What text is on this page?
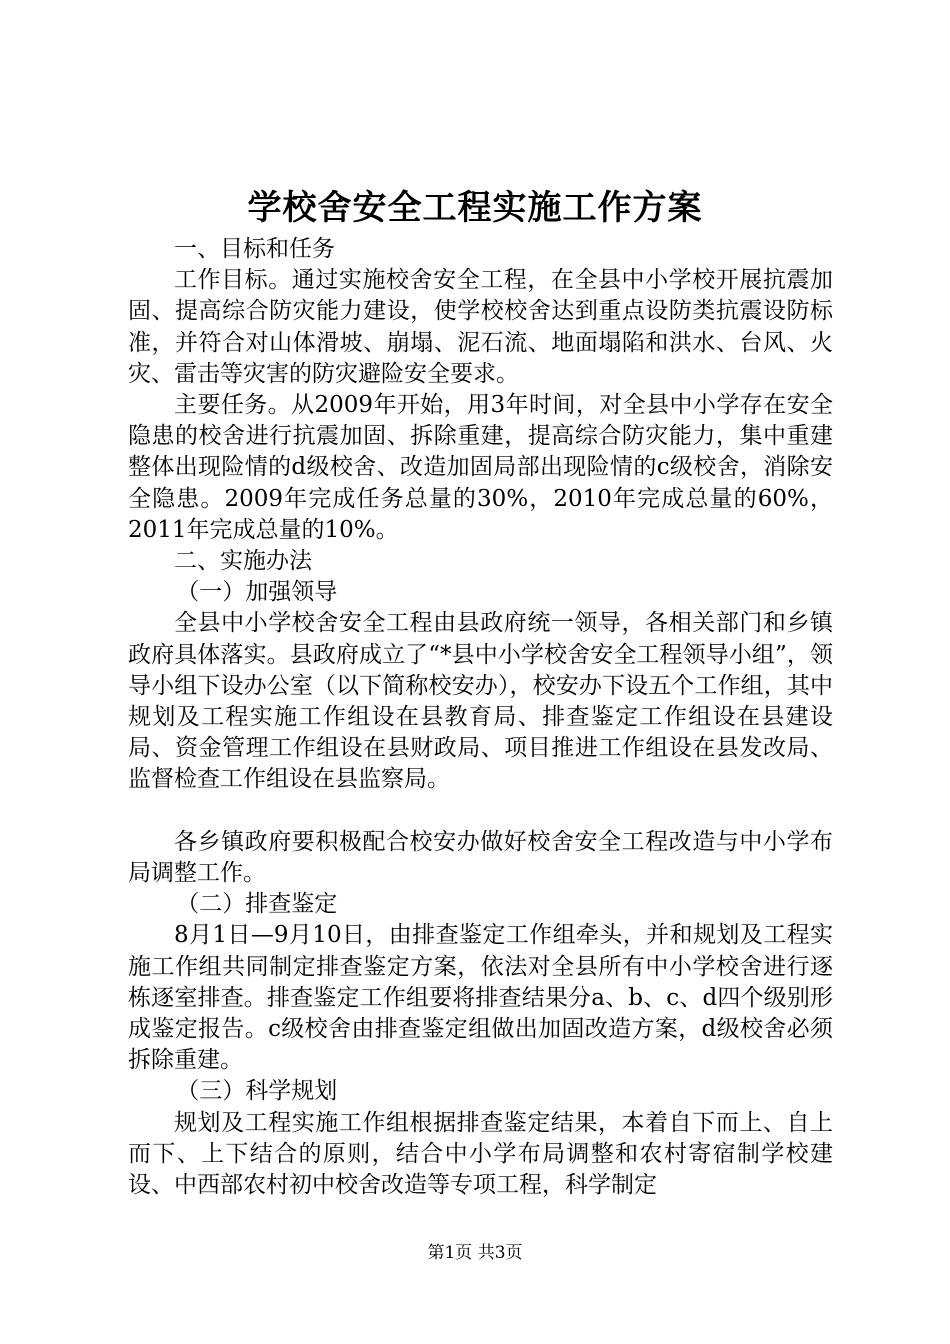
学校舍安全工程实施工作方案

一、目标和任务

工作目标。通过实施校舍安全工程，在全县中小学校开展抗震加固、提高综合防灾能力建设，使学校校舍达到重点设防类抗震设防标准，并符合对山体滑坡、崩塌、泥石流、地面塌陷和洪水、台风、火灾、雷击等灾害的防灾避险安全要求。

主要任务。从2009年开始，用3年时间，对全县中小学存在安全隐患的校舍进行抗震加固、拆除重建，提高综合防灾能力，集中重建整体出现险情的d级校舍、改造加固局部出现险情的c级校舍，消除安全隐患。2009年完成任务总量的30%，2010年完成总量的60%，2011年完成总量的10%。

二、实施办法

（一）加强领导

全县中小学校舍安全工程由县政府统一领导，各相关部门和乡镇政府具体落实。县政府成立了“*县中小学校舍安全工程领导小组”，领导小组下设办公室（以下简称校安办），校安办下设五个工作组，其中规划及工程实施工作组设在县教育局、排查鉴定工作组设在县建设局、资金管理工作组设在县财政局、项目推进工作组设在县发改局、监督检查工作组设在县监察局。

各乡镇政府要积极配合校安办做好校舍安全工程改造与中小学布局调整工作。

（二）排查鉴定

8月1日—9月10日，由排查鉴定工作组牵头，并和规划及工程实施工作组共同制定排查鉴定方案，依法对全县所有中小学校舍进行逐栋逐室排查。排查鉴定工作组要将排查结果分a、b、c、d四个级别形成鉴定报告。c级校舍由排查鉴定组做出加固改造方案，d级校舍必须拆除重建。

（三）科学规划

规划及工程实施工作组根据排查鉴定结果，本着自下而上、自上而下、上下结合的原则，结合中小学布局调整和农村寄宿制学校建设、中西部农村初中校舍改造等专项工程，科学制定

第1页 共3页
